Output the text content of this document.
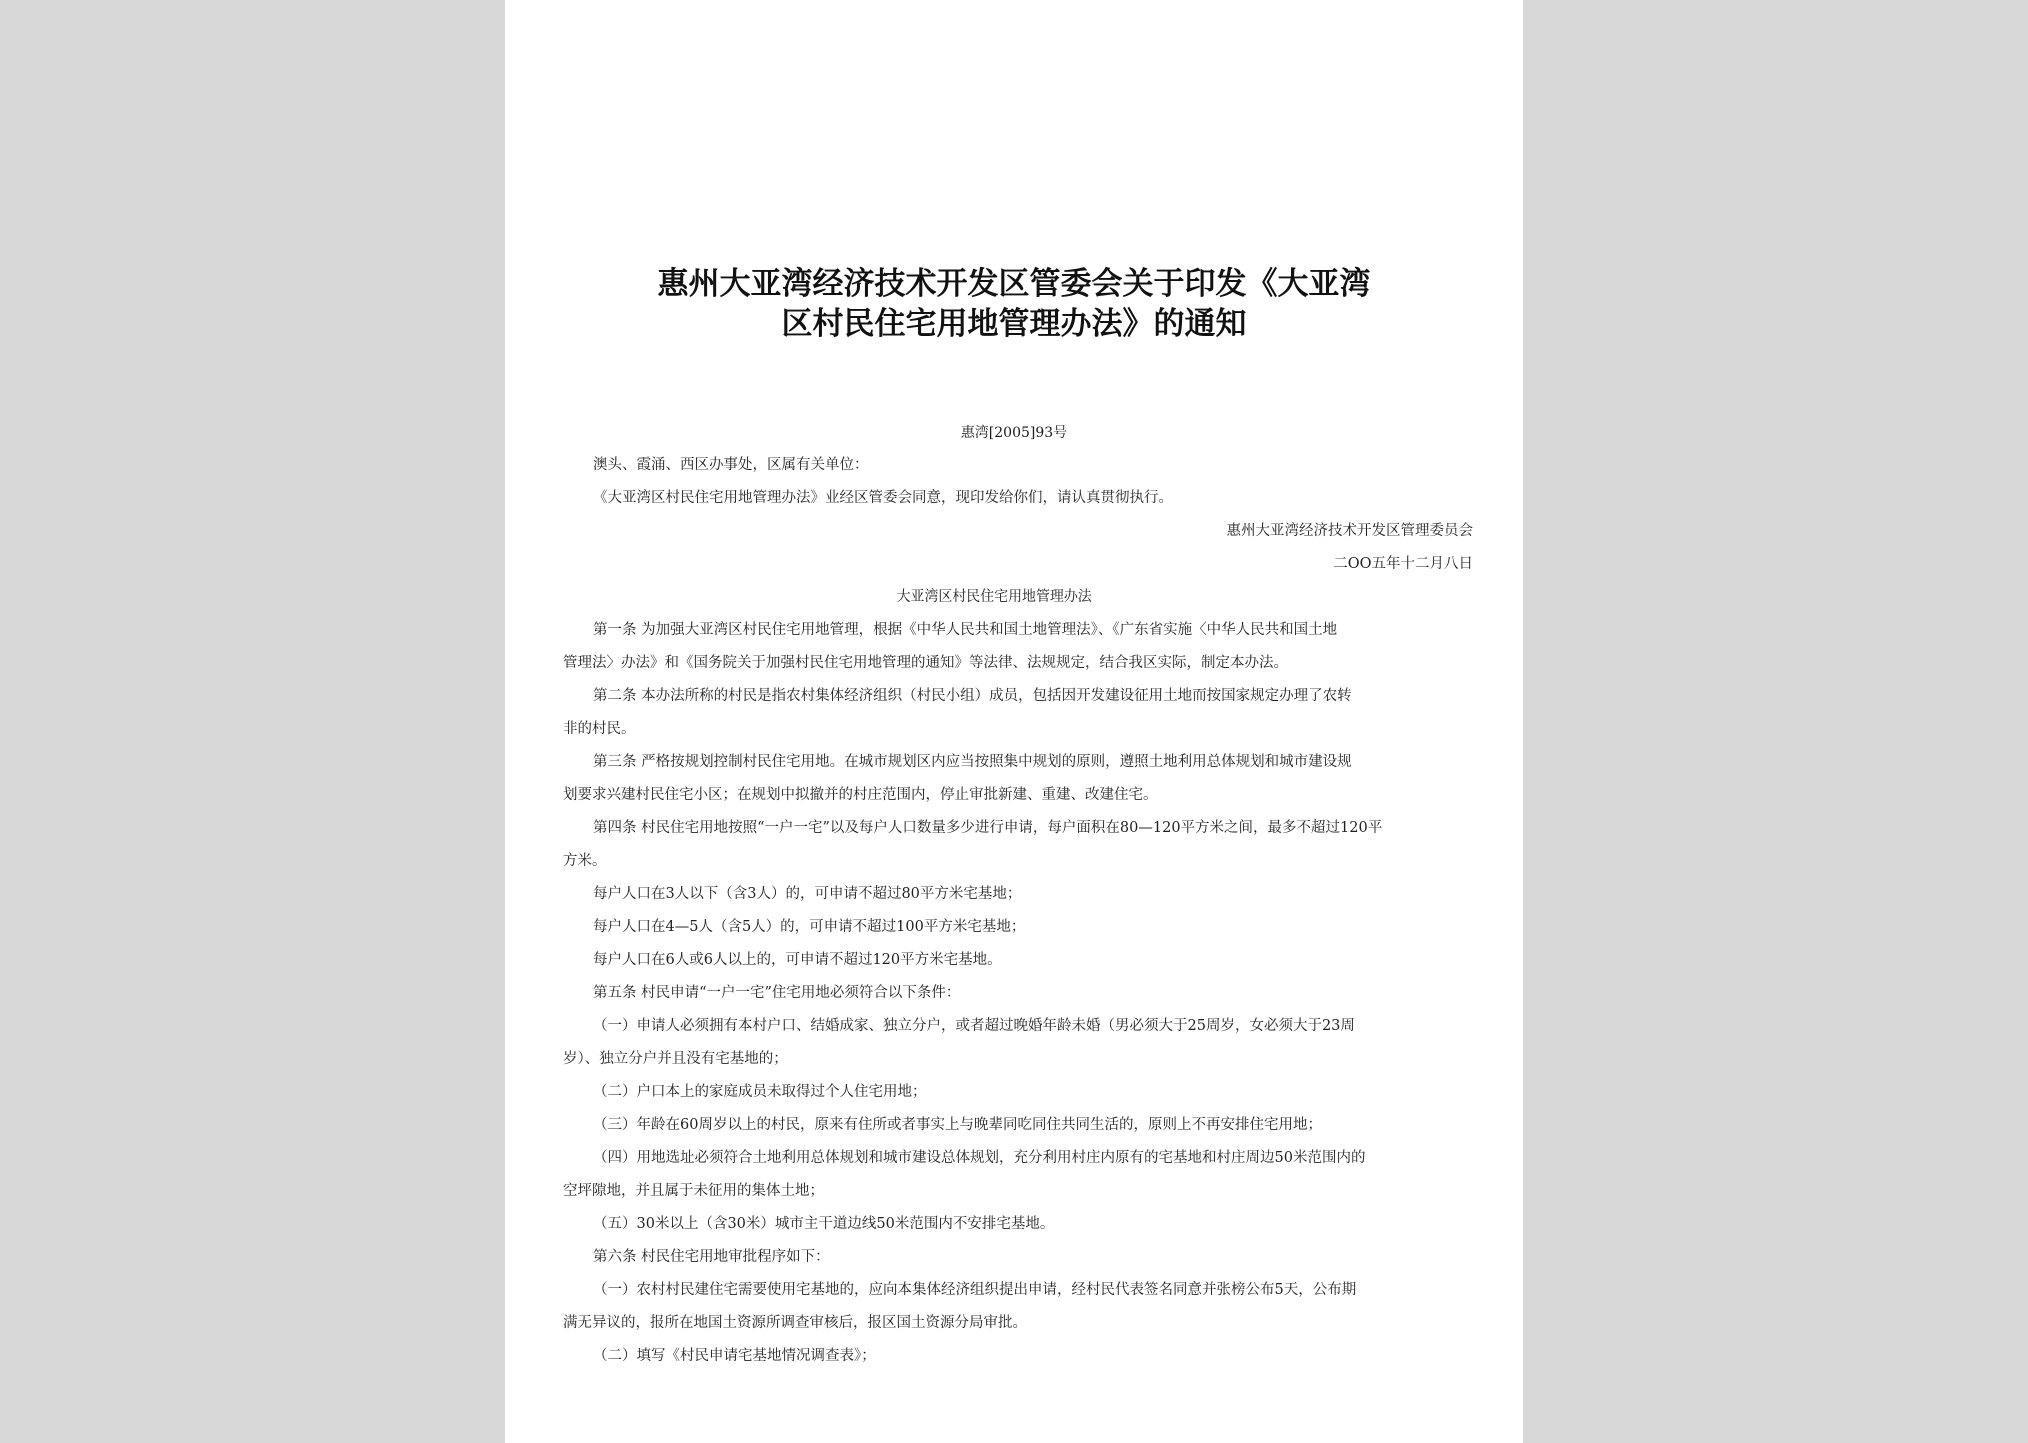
惠州大亚湾经济技术开发区管委会关于印发《大亚湾
区村民住宅用地管理办法》的通知
惠湾[2005]93号
澳头、霞涌、西区办事处，区属有关单位：
《大亚湾区村民住宅用地管理办法》业经区管委会同意，现印发给你们，请认真贯彻执行。
惠州大亚湾经济技术开发区管理委员会
二OO五年十二月八日
大亚湾区村民住宅用地管理办法
第一条 为加强大亚湾区村民住宅用地管理，根据《中华人民共和国土地管理法》、《广东省实施〈中华人民共和国土地
管理法〉办法》和《国务院关于加强村民住宅用地管理的通知》等法律、法规规定，结合我区实际，制定本办法。
第二条 本办法所称的村民是指农村集体经济组织（村民小组）成员，包括因开发建设征用土地而按国家规定办理了农转
非的村民。
第三条 严格按规划控制村民住宅用地。在城市规划区内应当按照集中规划的原则，遵照土地利用总体规划和城市建设规
划要求兴建村民住宅小区；在规划中拟撤并的村庄范围内，停止审批新建、重建、改建住宅。
第四条 村民住宅用地按照“一户一宅”以及每户人口数量多少进行申请，每户面积在80—120平方米之间，最多不超过120平
方米。
每户人口在3人以下（含3人）的，可申请不超过80平方米宅基地；
每户人口在4—5人（含5人）的，可申请不超过100平方米宅基地；
每户人口在6人或6人以上的，可申请不超过120平方米宅基地。
第五条 村民申请“一户一宅”住宅用地必须符合以下条件：
（一）申请人必须拥有本村户口、结婚成家、独立分户，或者超过晚婚年龄未婚（男必须大于25周岁，女必须大于23周
岁）、独立分户并且没有宅基地的；
（二）户口本上的家庭成员未取得过个人住宅用地；
（三）年龄在60周岁以上的村民，原来有住所或者事实上与晚辈同吃同住共同生活的，原则上不再安排住宅用地；
（四）用地选址必须符合土地利用总体规划和城市建设总体规划，充分利用村庄内原有的宅基地和村庄周边50米范围内的
空坪隙地，并且属于未征用的集体土地；
（五）30米以上（含30米）城市主干道边线50米范围内不安排宅基地。
第六条 村民住宅用地审批程序如下：
（一）农村村民建住宅需要使用宅基地的，应向本集体经济组织提出申请，经村民代表签名同意并张榜公布5天，公布期
满无异议的，报所在地国土资源所调查审核后，报区国土资源分局审批。
（二）填写《村民申请宅基地情况调查表》；
